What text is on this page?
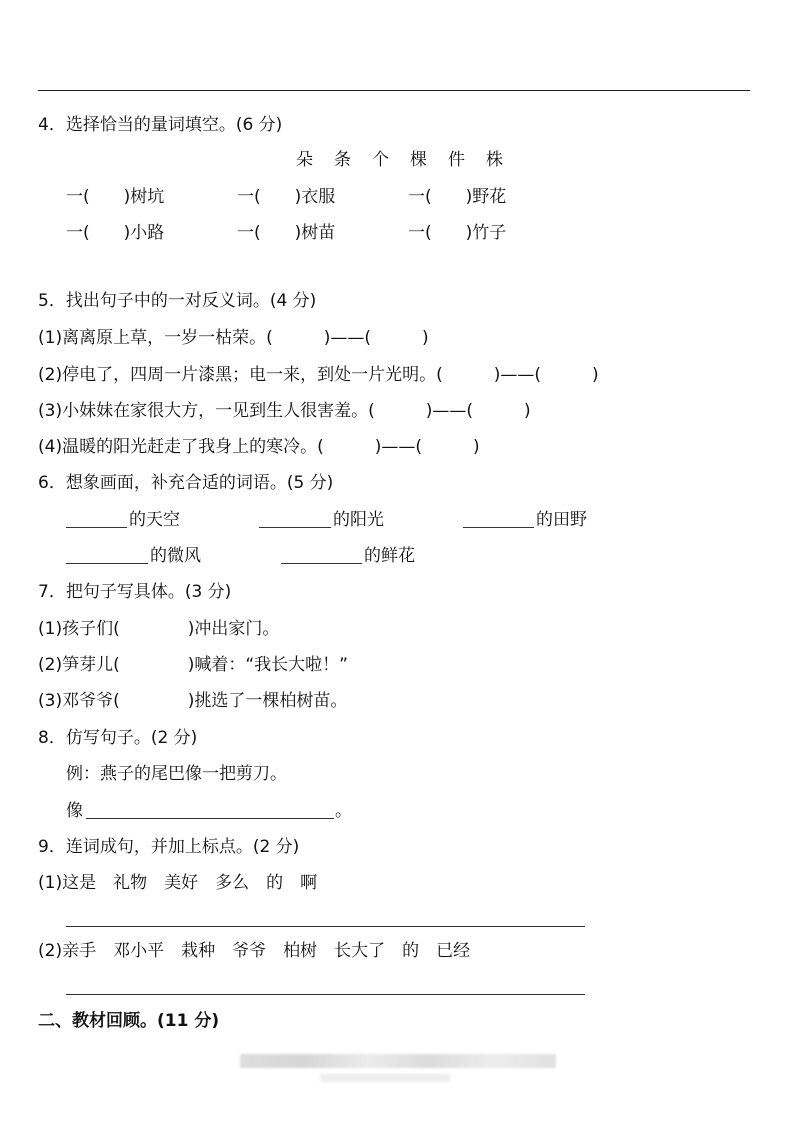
4．选择恰当的量词填空。(6 分)
朵　条　个　棵　件　株
一(　　)树坑	一(　　)衣服	一(　　)野花
一(　　)小路	一(　　)树苗	一(　　)竹子
5．找出句子中的一对反义词。(4 分)
(1)离离原上草，一岁一枯荣。(　　　)——(　　　)
(2)停电了，四周一片漆黑；电一来，到处一片光明。(　　　)——(　　　)
(3)小妹妹在家很大方，一见到生人很害羞。(　　　)——(　　　)
(4)温暖的阳光赶走了我身上的寒冷。(　　　)——(　　　)
6．想象画面，补充合适的词语。(5 分)
的天空	的阳光	的田野
的微风	的鲜花
7．把句子写具体。(3 分)
(1)孩子们(　　　　)冲出家门。
(2)笋芽儿(　　　　)喊着：“我长大啦！”
(3)邓爷爷(　　　　)挑选了一棵柏树苗。
8．仿写句子。(2 分)
例：燕子的尾巴像一把剪刀。
像	。
9．连词成句，并加上标点。(2 分)
(1)这是　礼物　美好　多么　的　啊
(2)亲手　邓小平　栽种　爷爷　柏树　长大了　的　已经
二、教材回顾。(11 分)
